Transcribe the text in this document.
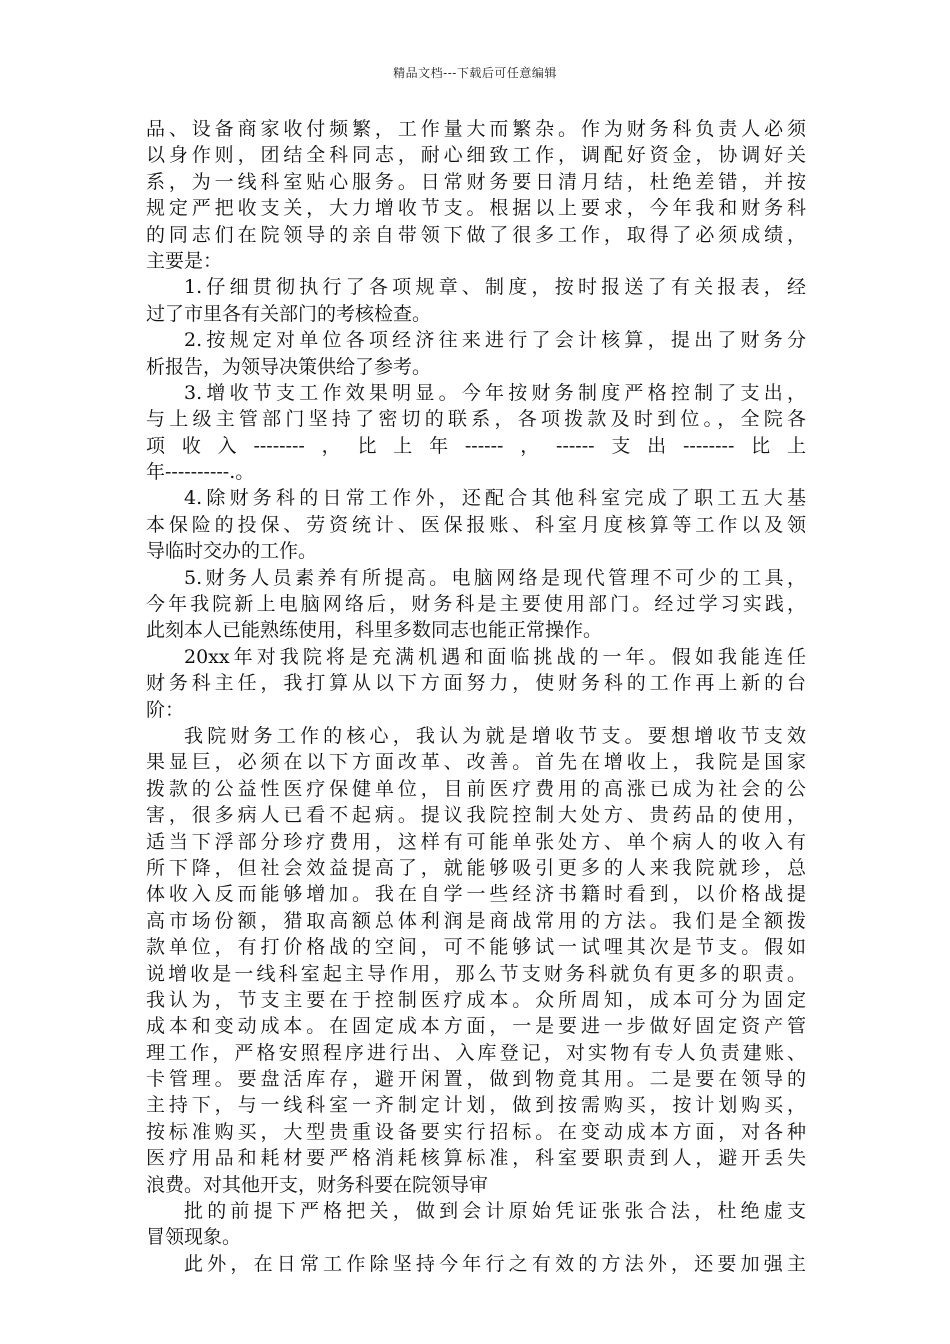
精品文档---下载后可任意编辑
品、设备商家收付频繁，工作量大而繁杂。作为财务科负责人必须
以身作则，团结全科同志，耐心细致工作，调配好资金，协调好关
系，为一线科室贴心服务。日常财务要日清月结，杜绝差错，并按
规定严把收支关，大力增收节支。根据以上要求，今年我和财务科
的同志们在院领导的亲自带领下做了很多工作，取得了必须成绩，
主要是：
1.仔细贯彻执行了各项规章、制度，按时报送了有关报表，经
过了市里各有关部门的考核检查。
2.按规定对单位各项经济往来进行了会计核算，提出了财务分
析报告，为领导决策供给了参考。
3.增收节支工作效果明显。今年按财务制度严格控制了支出，
与上级主管部门坚持了密切的联系，各项拨款及时到位。，全院各
项收入--------，比上年------，------支出--------比上
年----------.。
4.除财务科的日常工作外，还配合其他科室完成了职工五大基
本保险的投保、劳资统计、医保报账、科室月度核算等工作以及领
导临时交办的工作。
5.财务人员素养有所提高。电脑网络是现代管理不可少的工具，
今年我院新上电脑网络后，财务科是主要使用部门。经过学习实践，
此刻本人已能熟练使用，科里多数同志也能正常操作。
20xx年对我院将是充满机遇和面临挑战的一年。假如我能连任
财务科主任，我打算从以下方面努力，使财务科的工作再上新的台
阶：
我院财务工作的核心，我认为就是增收节支。要想增收节支效
果显巨，必须在以下方面改革、改善。首先在增收上，我院是国家
拨款的公益性医疗保健单位，目前医疗费用的高涨已成为社会的公
害，很多病人已看不起病。提议我院控制大处方、贵药品的使用，
适当下浮部分珍疗费用，这样有可能单张处方、单个病人的收入有
所下降，但社会效益提高了，就能够吸引更多的人来我院就珍，总
体收入反而能够增加。我在自学一些经济书籍时看到，以价格战提
高市场份额，猎取高额总体利润是商战常用的方法。我们是全额拨
款单位，有打价格战的空间，可不能够试一试哩其次是节支。假如
说增收是一线科室起主导作用，那么节支财务科就负有更多的职责。
我认为，节支主要在于控制医疗成本。众所周知，成本可分为固定
成本和变动成本。在固定成本方面，一是要进一步做好固定资产管
理工作，严格安照程序进行出、入库登记，对实物有专人负责建账、
卡管理。要盘活库存，避开闲置，做到物竟其用。二是要在领导的
主持下，与一线科室一齐制定计划，做到按需购买，按计划购买，
按标准购买，大型贵重设备要实行招标。在变动成本方面，对各种
医疗用品和耗材要严格消耗核算标准，科室要职责到人，避开丢失
浪费。对其他开支，财务科要在院领导审
批的前提下严格把关，做到会计原始凭证张张合法，杜绝虚支
冒领现象。
此外，在日常工作除坚持今年行之有效的方法外，还要加强主
